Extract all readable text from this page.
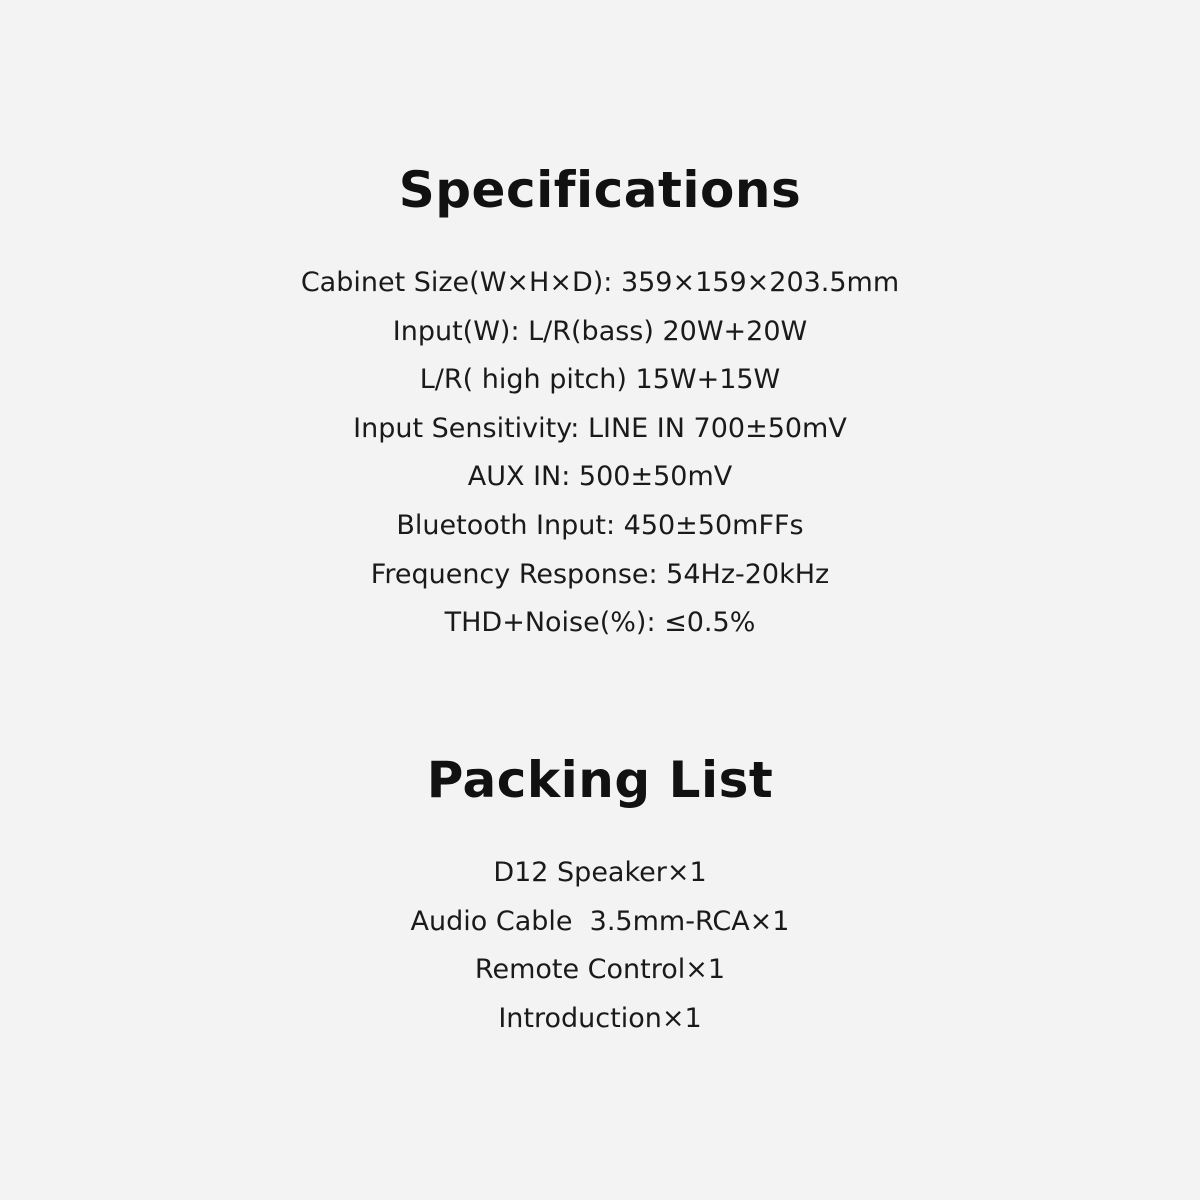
Specifications
Cabinet Size(W×H×D): 359×159×203.5mm
Input(W): L/R(bass) 20W+20W
L/R( high pitch) 15W+15W
Input Sensitivity: LINE IN 700±50mV
AUX IN: 500±50mV
Bluetooth Input: 450±50mFFs
Frequency Response: 54Hz-20kHz
THD+Noise(%): ≤0.5%
Packing List
D12 Speaker×1
Audio Cable  3.5mm-RCA×1
Remote Control×1
Introduction×1
